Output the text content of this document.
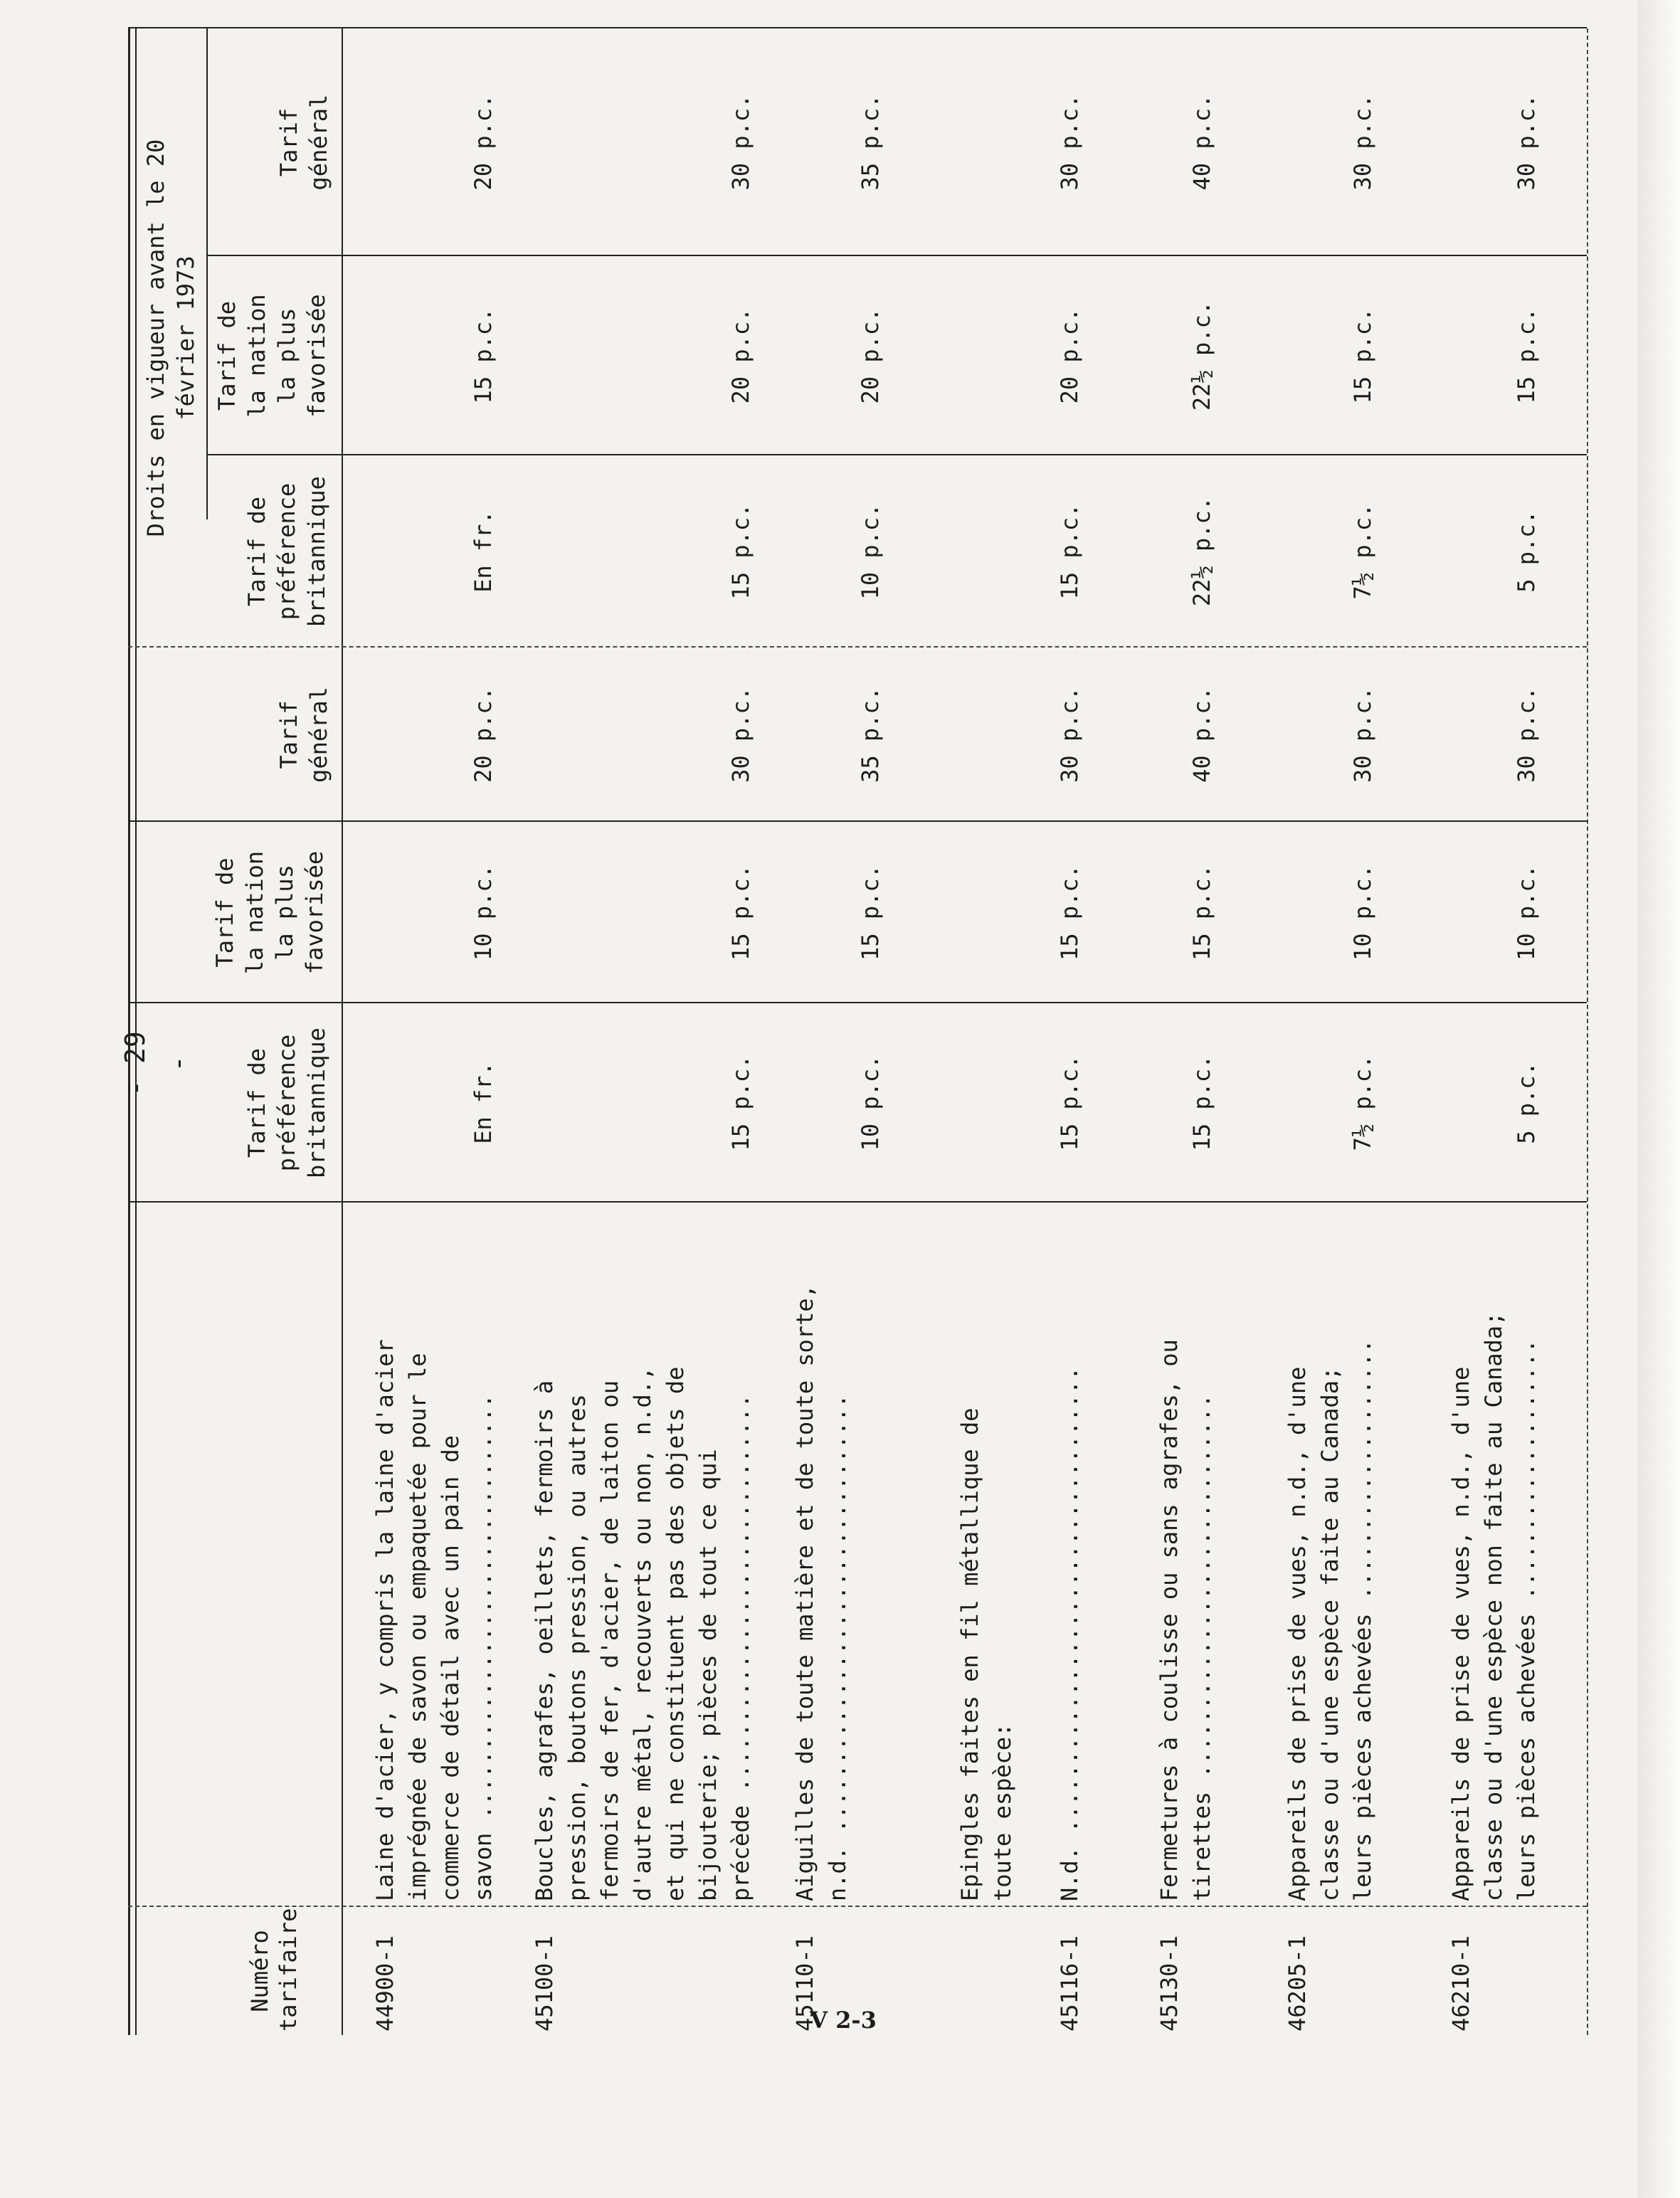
- 29 -
Numéro
tarifaire
Tarif de
préférence
britannique
Tarif de
la nation
la plus
favorisée
Tarif
général
Droits en vigueur avant le 20
février 1973
Tarif de
préférence
britannique
Tarif de
la nation
la plus
favorisée
Tarif
général
44900-1
Laine d'acier, y compris la laine d'acier imprégnée de savon ou empaquetée pour le commerce de détail avec un pain de savon ...............................
En fr.
10 p.c.
20 p.c.
En fr.
15 p.c.
20 p.c.
45100-1
Boucles, agrafes, oeillets, fermoirs à pression, boutons pression, ou autres fermoirs de fer, d'acier, de laiton ou d'autre métal, recouverts ou non, n.d., et qui ne constituent pas des objets de bijouterie; pièces de tout ce qui précède .............................
15 p.c.
15 p.c.
30 p.c.
15 p.c.
20 p.c.
30 p.c.
45110-1
Aiguilles de toute matière et de toute sorte, n.d. ................................
10 p.c.
15 p.c.
35 p.c.
10 p.c.
20 p.c.
35 p.c.
Epingles faites en fil métallique de toute espèce:
45116-1
N.d. ..................................
15 p.c.
15 p.c.
30 p.c.
15 p.c.
20 p.c.
30 p.c.
45130-1
Fermetures à coulisse ou sans agrafes, ou tirettes ............................
15 p.c.
15 p.c.
40 p.c.
22½ p.c.
22½ p.c.
40 p.c.
46205-1
Appareils de prise de vues, n.d., d'une classe ou d'une espèce faite au Canada; leurs pièces achevées ...................
7½ p.c.
10 p.c.
30 p.c.
7½ p.c.
15 p.c.
30 p.c.
46210-1
Appareils de prise de vues, n.d., d'une classe ou d'une espèce non faite au Canada; leurs pièces achevées ...................
5 p.c.
10 p.c.
30 p.c.
5 p.c.
15 p.c.
30 p.c.
V 2-3
